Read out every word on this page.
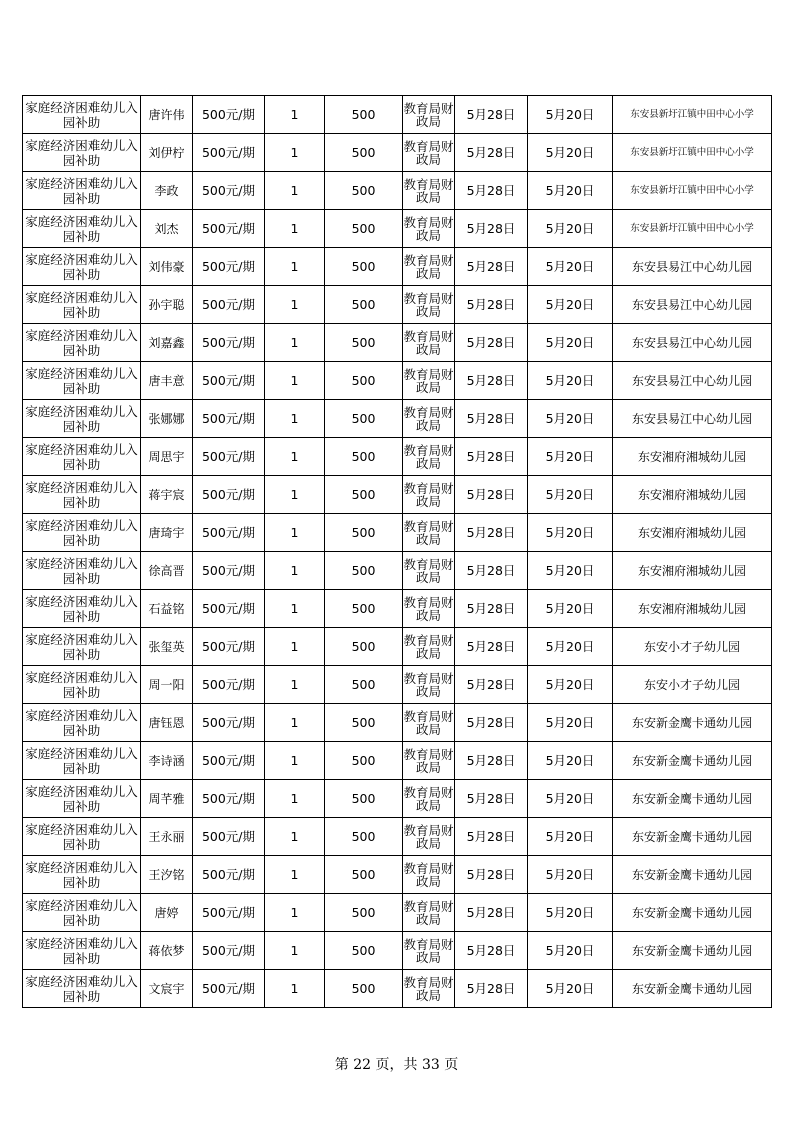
家庭经济困难幼儿入园补助	唐许伟	500元/期	1	500	教育局财政局	5月28日	5月20日	东安县新圩江镇中田中心小学
家庭经济困难幼儿入园补助	刘伊柠	500元/期	1	500	教育局财政局	5月28日	5月20日	东安县新圩江镇中田中心小学
家庭经济困难幼儿入园补助	李政	500元/期	1	500	教育局财政局	5月28日	5月20日	东安县新圩江镇中田中心小学
家庭经济困难幼儿入园补助	刘杰	500元/期	1	500	教育局财政局	5月28日	5月20日	东安县新圩江镇中田中心小学
家庭经济困难幼儿入园补助	刘伟豪	500元/期	1	500	教育局财政局	5月28日	5月20日	东安县易江中心幼儿园
家庭经济困难幼儿入园补助	孙宇聪	500元/期	1	500	教育局财政局	5月28日	5月20日	东安县易江中心幼儿园
家庭经济困难幼儿入园补助	刘嘉鑫	500元/期	1	500	教育局财政局	5月28日	5月20日	东安县易江中心幼儿园
家庭经济困难幼儿入园补助	唐丰意	500元/期	1	500	教育局财政局	5月28日	5月20日	东安县易江中心幼儿园
家庭经济困难幼儿入园补助	张娜娜	500元/期	1	500	教育局财政局	5月28日	5月20日	东安县易江中心幼儿园
家庭经济困难幼儿入园补助	周思宇	500元/期	1	500	教育局财政局	5月28日	5月20日	东安湘府湘城幼儿园
家庭经济困难幼儿入园补助	蒋宇宸	500元/期	1	500	教育局财政局	5月28日	5月20日	东安湘府湘城幼儿园
家庭经济困难幼儿入园补助	唐琦宇	500元/期	1	500	教育局财政局	5月28日	5月20日	东安湘府湘城幼儿园
家庭经济困难幼儿入园补助	徐高晋	500元/期	1	500	教育局财政局	5月28日	5月20日	东安湘府湘城幼儿园
家庭经济困难幼儿入园补助	石益铭	500元/期	1	500	教育局财政局	5月28日	5月20日	东安湘府湘城幼儿园
家庭经济困难幼儿入园补助	张玺英	500元/期	1	500	教育局财政局	5月28日	5月20日	东安小才子幼儿园
家庭经济困难幼儿入园补助	周一阳	500元/期	1	500	教育局财政局	5月28日	5月20日	东安小才子幼儿园
家庭经济困难幼儿入园补助	唐钰恩	500元/期	1	500	教育局财政局	5月28日	5月20日	东安新金鹰卡通幼儿园
家庭经济困难幼儿入园补助	李诗涵	500元/期	1	500	教育局财政局	5月28日	5月20日	东安新金鹰卡通幼儿园
家庭经济困难幼儿入园补助	周芊雅	500元/期	1	500	教育局财政局	5月28日	5月20日	东安新金鹰卡通幼儿园
家庭经济困难幼儿入园补助	王永丽	500元/期	1	500	教育局财政局	5月28日	5月20日	东安新金鹰卡通幼儿园
家庭经济困难幼儿入园补助	王汐铭	500元/期	1	500	教育局财政局	5月28日	5月20日	东安新金鹰卡通幼儿园
家庭经济困难幼儿入园补助	唐婷	500元/期	1	500	教育局财政局	5月28日	5月20日	东安新金鹰卡通幼儿园
家庭经济困难幼儿入园补助	蒋依梦	500元/期	1	500	教育局财政局	5月28日	5月20日	东安新金鹰卡通幼儿园
家庭经济困难幼儿入园补助	文宸宇	500元/期	1	500	教育局财政局	5月28日	5月20日	东安新金鹰卡通幼儿园
第 22 页，共 33 页
